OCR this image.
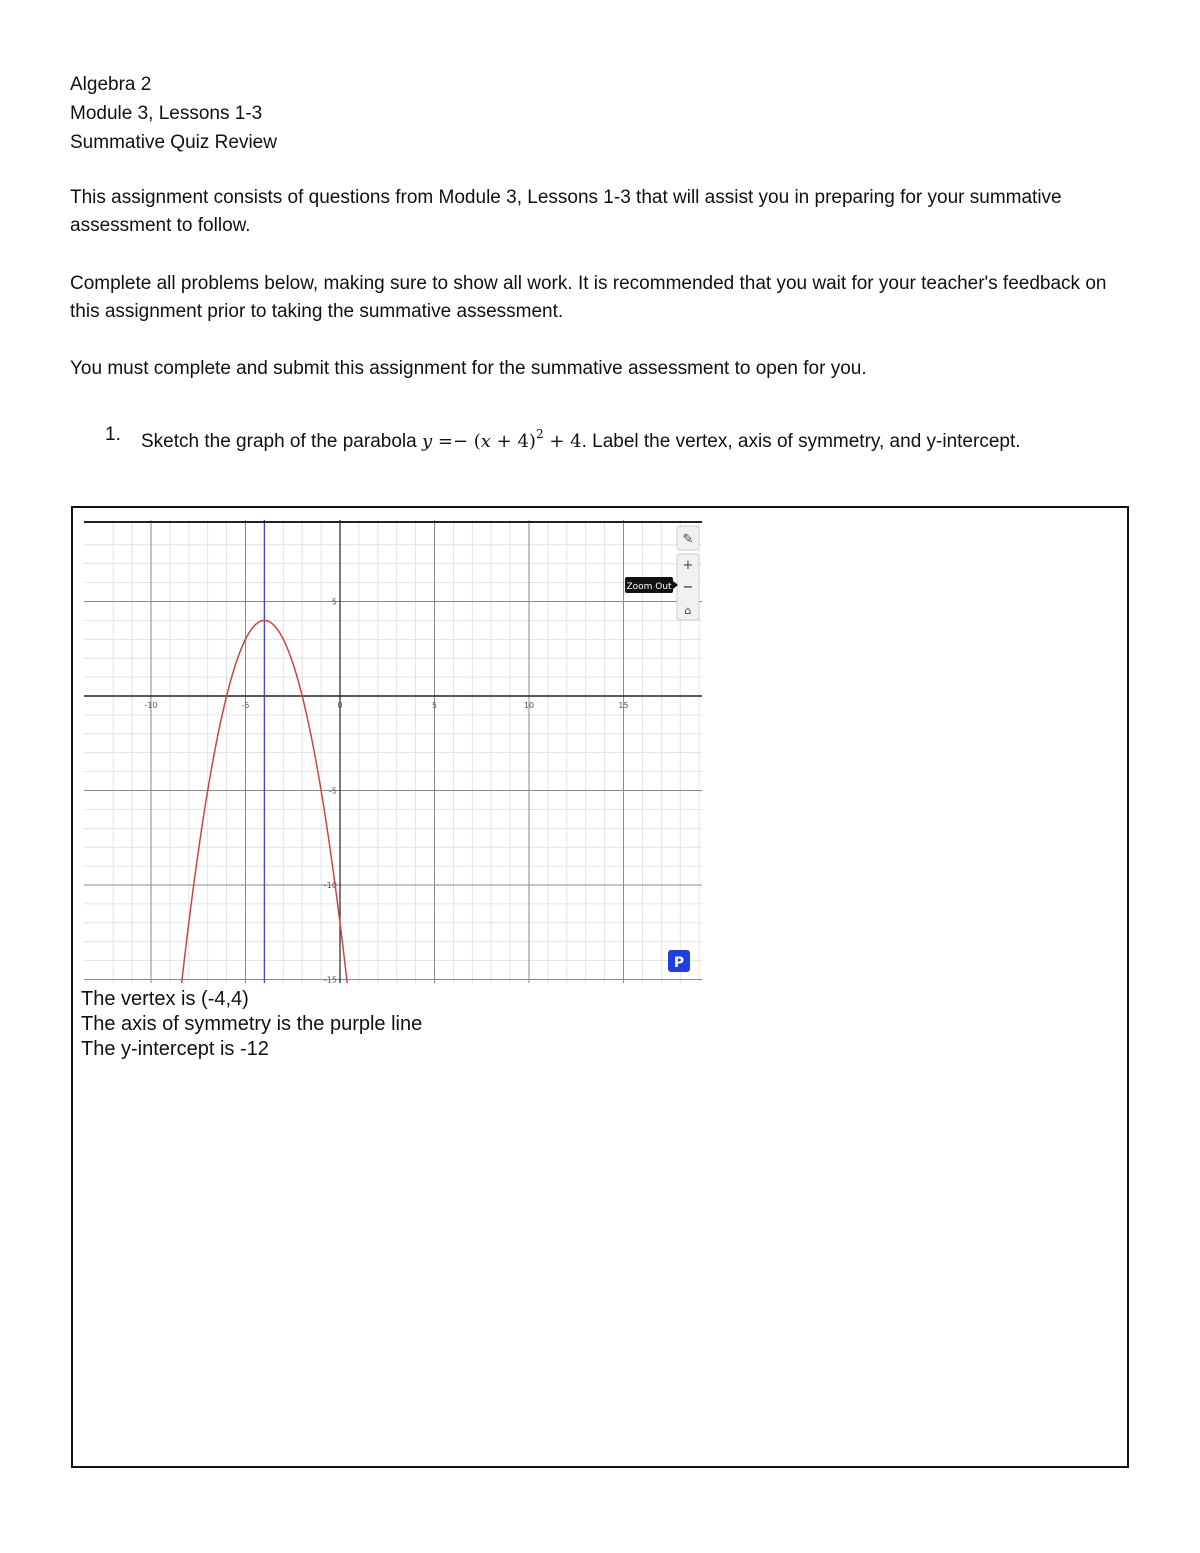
Algebra 2
Module 3, Lessons 1-3
Summative Quiz Review
This assignment consists of questions from Module 3, Lessons 1-3 that will assist you in preparing for your summative assessment to follow.
Complete all problems below, making sure to show all work. It is recommended that you wait for your teacher's feedback on this assignment prior to taking the summative assessment.
You must complete and submit this assignment for the summative assessment to open for you.
1. Sketch the graph of the parabola $y =- (x + 4)^2 + 4$. Label the vertex, axis of symmetry, and y-intercept.
-10	-5	0	5	10	15
5
-5
-10
-15
✎
+
−
⌂
Zoom Out
P
The vertex is (-4,4)
The axis of symmetry is the purple line
The y-intercept is -12
